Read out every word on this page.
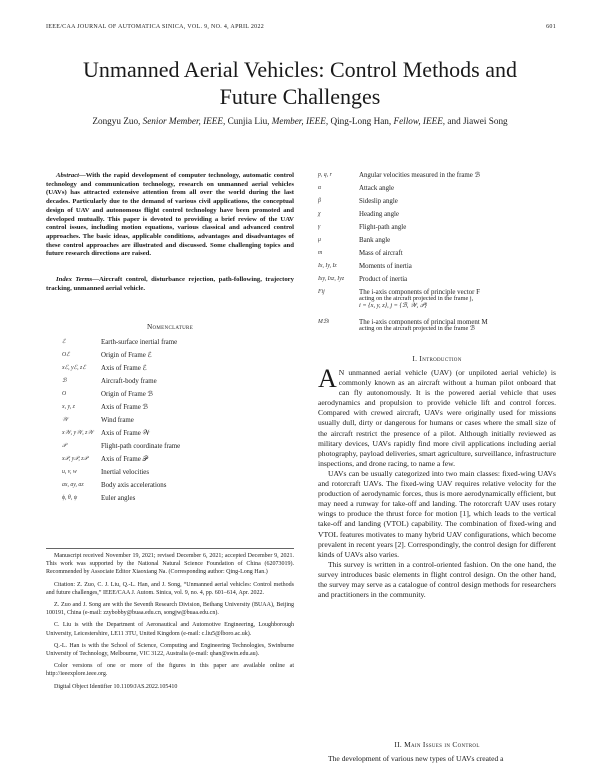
IEEE/CAA JOURNAL OF AUTOMATICA SINICA, VOL. 9, NO. 4, APRIL 2022	601
Unmanned Aerial Vehicles: Control Methods and
Future Challenges
Zongyu Zuo, Senior Member, IEEE, Cunjia Liu, Member, IEEE, Qing-Long Han, Fellow, IEEE, and Jiawei Song
Abstract—With the rapid development of computer technology, automatic control technology and communication technology, research on unmanned aerial vehicles (UAVs) has attracted extensive attention from all over the world during the last decades. Particularly due to the demand of various civil applications, the conceptual design of UAV and autonomous flight control technology have been promoted and developed mutually. This paper is devoted to providing a brief review of the UAV control issues, including motion equations, various classical and advanced control approaches. The basic ideas, applicable conditions, advantages and disadvantages of these control approaches are illustrated and discussed. Some challenging topics and future research directions are raised.
Index Terms—Aircraft control, disturbance rejection, path-following, trajectory tracking, unmanned aerial vehicle.
Nomenclature
ℰ	Earth-surface inertial frame
Oℰ	Origin of Frame ℰ
xℰ, yℰ, zℰ Axis of Frame ℰ
ℬ	Aircraft-body frame
O	Origin of Frame ℬ
x, y, z	Axis of Frame ℬ
𝒲	Wind frame
x𝒲, y𝒲, z𝒲 Axis of Frame 𝒲
𝒫	Flight-path coordinate frame
x𝒫, y𝒫, z𝒫 Axis of Frame 𝒫
u, v, w	Inertial velocities
ax, ay, az	Body axis accelerations
ϕ, θ, ψ	Euler angles
p, q, r	Angular velocities measured in the frame ℬ
α	Attack angle
β	Sideslip angle
χ	Heading angle
γ	Flight-path angle
μ	Bank angle
m	Mass of aircraft
Ix, Iy, Iz	Moments of inertia
Ixy, Ixz, Iyz Product of inertia
Fij	The i-axis components of principle vector F
acting on the aircraft projected in the frame j,
i = {x, y, z}, j = {ℬ, 𝒲, 𝒫}
Mℬi	The i-axis components of principal moment M
acting on the aircraft projected in the frame ℬ

Manuscript received November 19, 2021; revised December 6, 2021; accepted December 9, 2021. This work was supported by the National Natural Science Foundation of China (62073019). Recommended by Associate Editor Xiaoxiang Na. (Corresponding author: Qing-Long Han.)

Citation: Z. Zuo, C. J. Liu, Q.-L. Han, and J. Song, “Unmanned aerial vehicles: Control methods and future challenges,” IEEE/CAA J. Autom. Sinica, vol. 9, no. 4, pp. 601–614, Apr. 2022.

Z. Zuo and J. Song are with the Seventh Research Division, Beihang University (BUAA), Beijing 100191, China (e-mail: zzybobby@buaa.edu.cn, songjw@buaa.edu.cn).

C. Liu is with the Department of Aeronautical and Automotive Engineering, Loughborough University, Leicestershire, LE11 3TU, United Kingdom (e-mail: c.liu5@lboro.ac.uk).

Q.-L. Han is with the School of Science, Computing and Engineering Technologies, Swinburne University of Technology, Melbourne, VIC 3122, Australia (e-mail: qhan@swin.edu.au).

Color versions of one or more of the figures in this paper are available online at http://ieeexplore.ieee.org.

Digital Object Identifier 10.1109/JAS.2022.105410

I. Introduction

A N unmanned aerial vehicle (UAV) (or unpiloted aerial vehicle) is commonly known as an aircraft without a human pilot onboard that can fly autonomously. It is the powered aerial vehicle that uses aerodynamics and propulsion to provide vehicle lift and control forces. Compared with crewed aircraft, UAVs were originally used for missions usually dull, dirty or dangerous for humans or cases where the small size of the aircraft restrict the presence of a pilot. Although initially reviewed as military devices, UAVs rapidly find more civil applications including aerial photography, payload deliveries, smart agriculture, surveillance, infrastructure inspections, and drone racing, to name a few.

UAVs can be usually categorized into two main classes: fixed-wing UAVs and rotorcraft UAVs. The fixed-wing UAV requires relative velocity for the production of aerodynamic forces, thus is more aerodynamically efficient, but may need a runway for take-off and landing. The rotorcraft UAV uses rotary wings to produce the thrust force for motion [1], which leads to the vertical take-off and landing (VTOL) capability. The combination of fixed-wing and VTOL features motivates to many hybrid UAV configurations, which become prevalent in recent years [2]. Correspondingly, the control design for different kinds of UAVs also varies.

This survey is written in a control-oriented fashion. On the one hand, the survey introduces basic elements in flight control design. On the other hand, the survey may serve as a catalogue of control design methods for researchers and practitioners in the community.

II. Main Issues in Control

The development of various new types of UAVs created a
